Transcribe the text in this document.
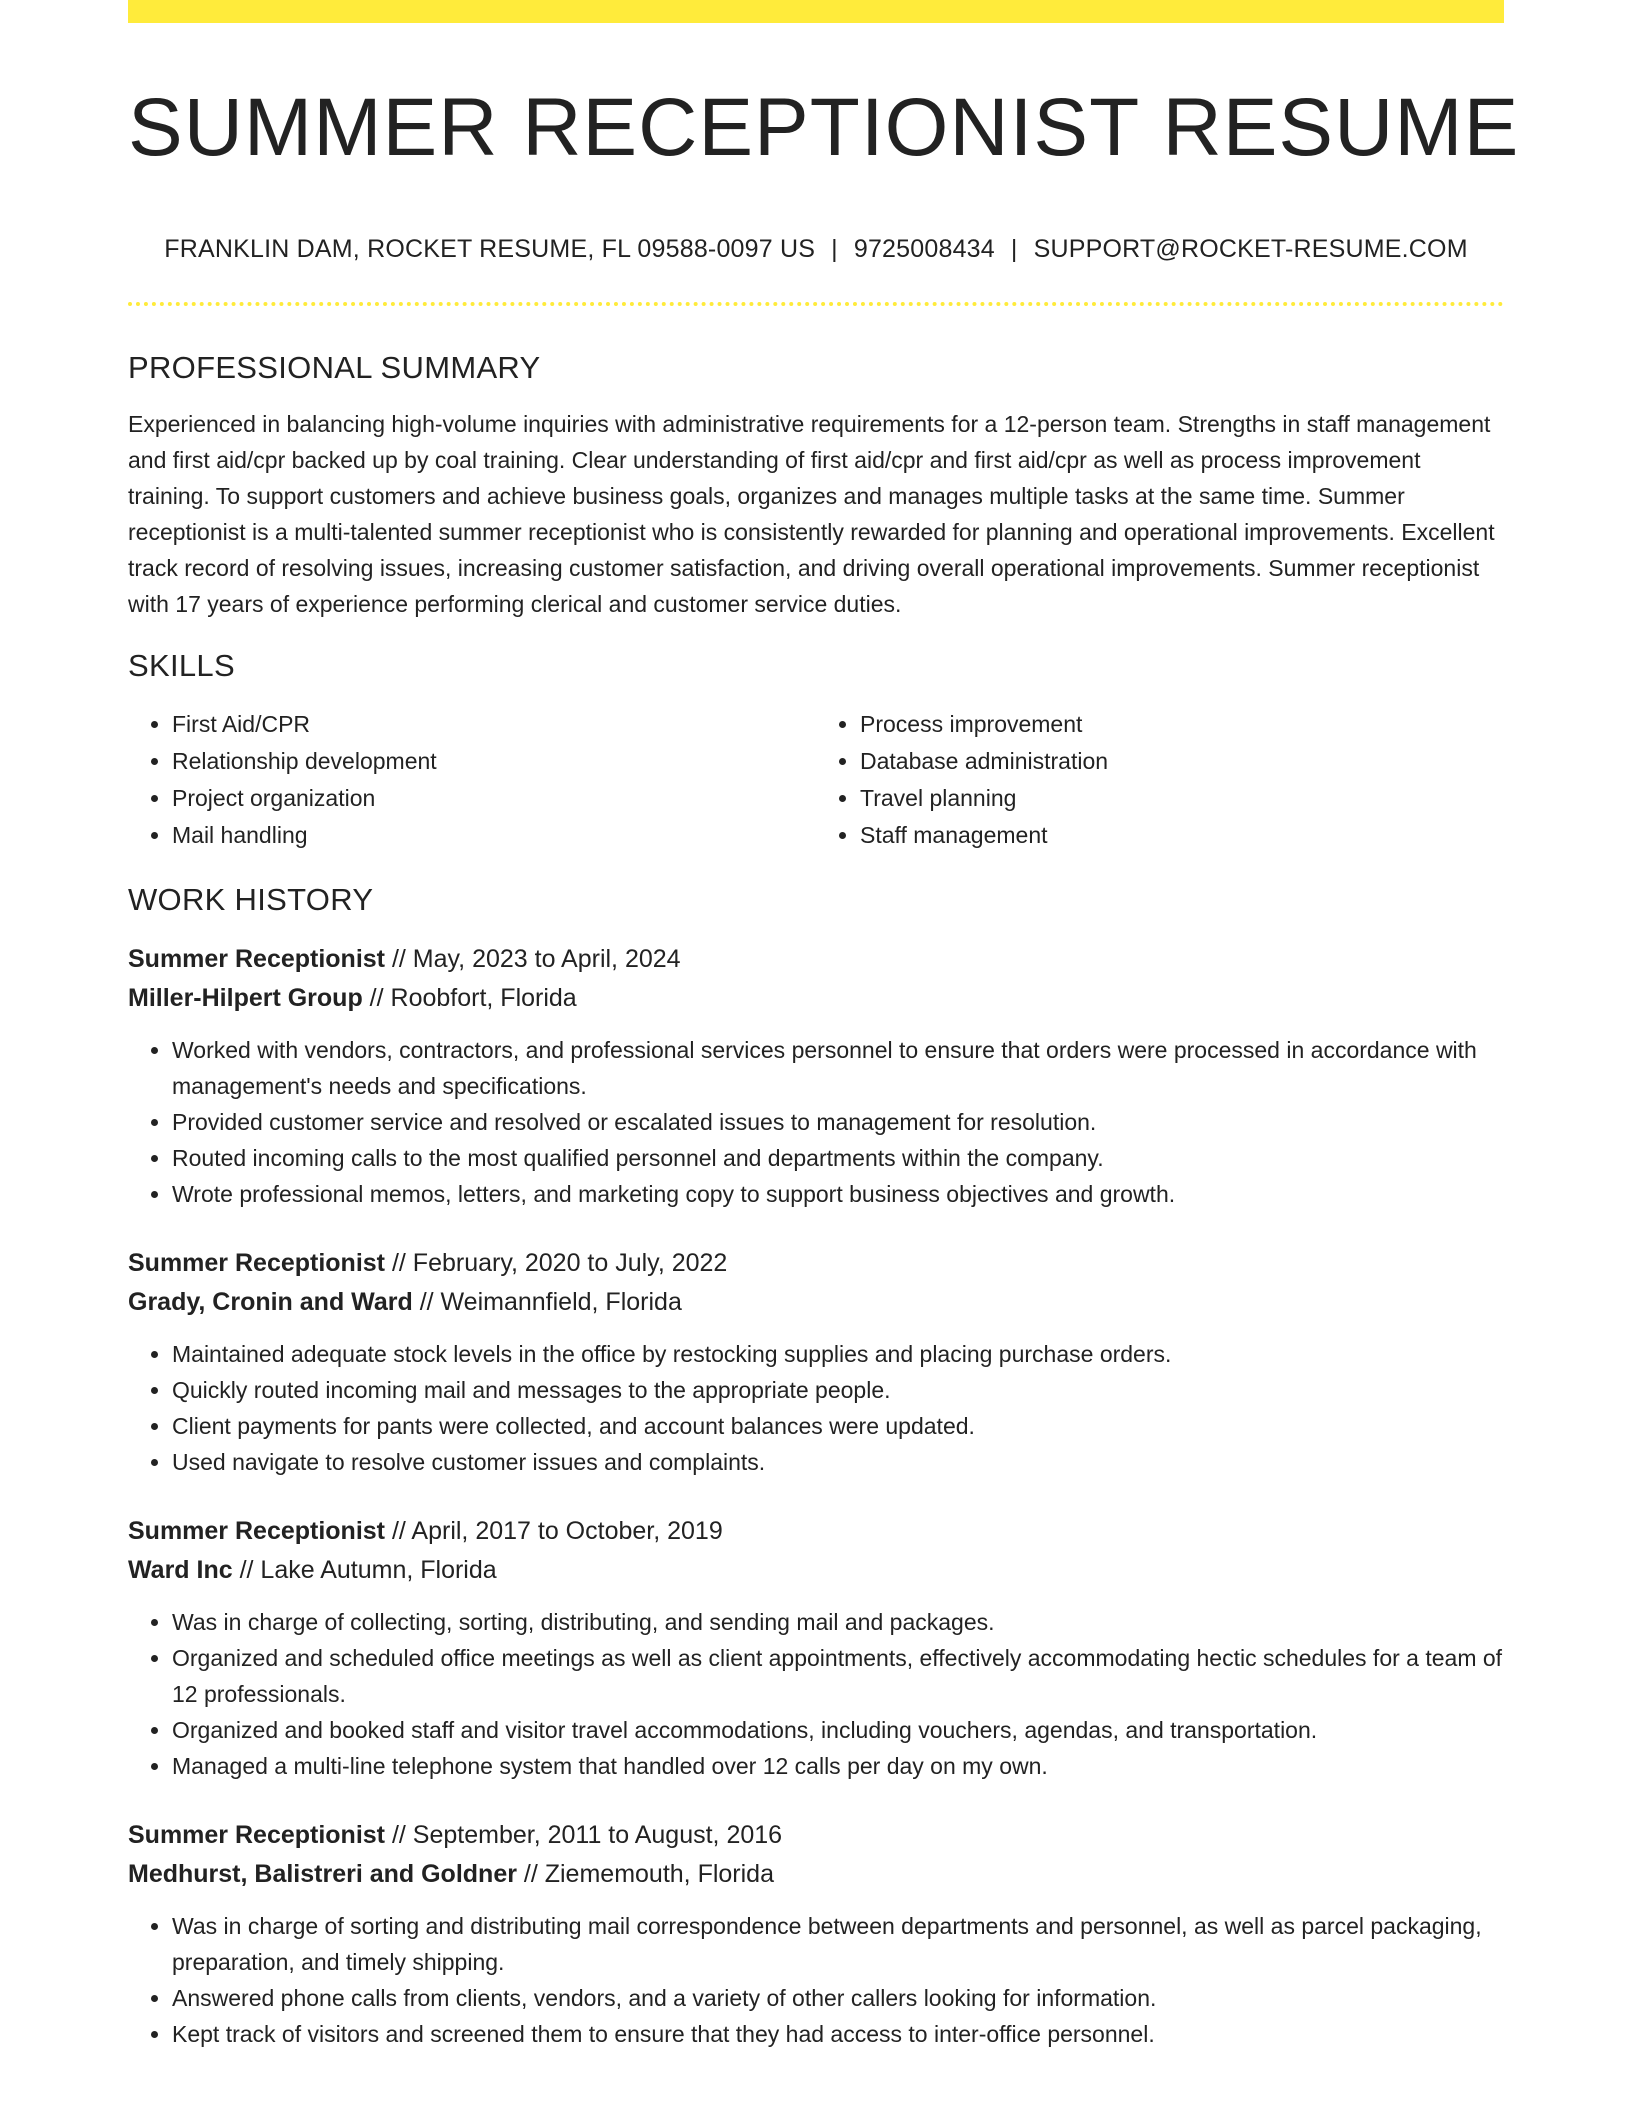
SUMMER RECEPTIONIST RESUME
FRANKLIN DAM, ROCKET RESUME, FL 09588-0097 US | 9725008434 | SUPPORT@ROCKET-RESUME.COM
PROFESSIONAL SUMMARY
Experienced in balancing high-volume inquiries with administrative requirements for a 12-person team. Strengths in staff management and first aid/cpr backed up by coal training. Clear understanding of first aid/cpr and first aid/cpr as well as process improvement training. To support customers and achieve business goals, organizes and manages multiple tasks at the same time. Summer receptionist is a multi-talented summer receptionist who is consistently rewarded for planning and operational improvements. Excellent track record of resolving issues, increasing customer satisfaction, and driving overall operational improvements. Summer receptionist with 17 years of experience performing clerical and customer service duties.
SKILLS
• First Aid/CPR
• Relationship development
• Project organization
• Mail handling
• Process improvement
• Database administration
• Travel planning
• Staff management
WORK HISTORY
Summer Receptionist // May, 2023 to April, 2024
Miller-Hilpert Group // Roobfort, Florida
• Worked with vendors, contractors, and professional services personnel to ensure that orders were processed in accordance with management's needs and specifications.
• Provided customer service and resolved or escalated issues to management for resolution.
• Routed incoming calls to the most qualified personnel and departments within the company.
• Wrote professional memos, letters, and marketing copy to support business objectives and growth.
Summer Receptionist // February, 2020 to July, 2022
Grady, Cronin and Ward // Weimannfield, Florida
• Maintained adequate stock levels in the office by restocking supplies and placing purchase orders.
• Quickly routed incoming mail and messages to the appropriate people.
• Client payments for pants were collected, and account balances were updated.
• Used navigate to resolve customer issues and complaints.
Summer Receptionist // April, 2017 to October, 2019
Ward Inc // Lake Autumn, Florida
• Was in charge of collecting, sorting, distributing, and sending mail and packages.
• Organized and scheduled office meetings as well as client appointments, effectively accommodating hectic schedules for a team of 12 professionals.
• Organized and booked staff and visitor travel accommodations, including vouchers, agendas, and transportation.
• Managed a multi-line telephone system that handled over 12 calls per day on my own.
Summer Receptionist // September, 2011 to August, 2016
Medhurst, Balistreri and Goldner // Ziememouth, Florida
• Was in charge of sorting and distributing mail correspondence between departments and personnel, as well as parcel packaging, preparation, and timely shipping.
• Answered phone calls from clients, vendors, and a variety of other callers looking for information.
• Kept track of visitors and screened them to ensure that they had access to inter-office personnel.
